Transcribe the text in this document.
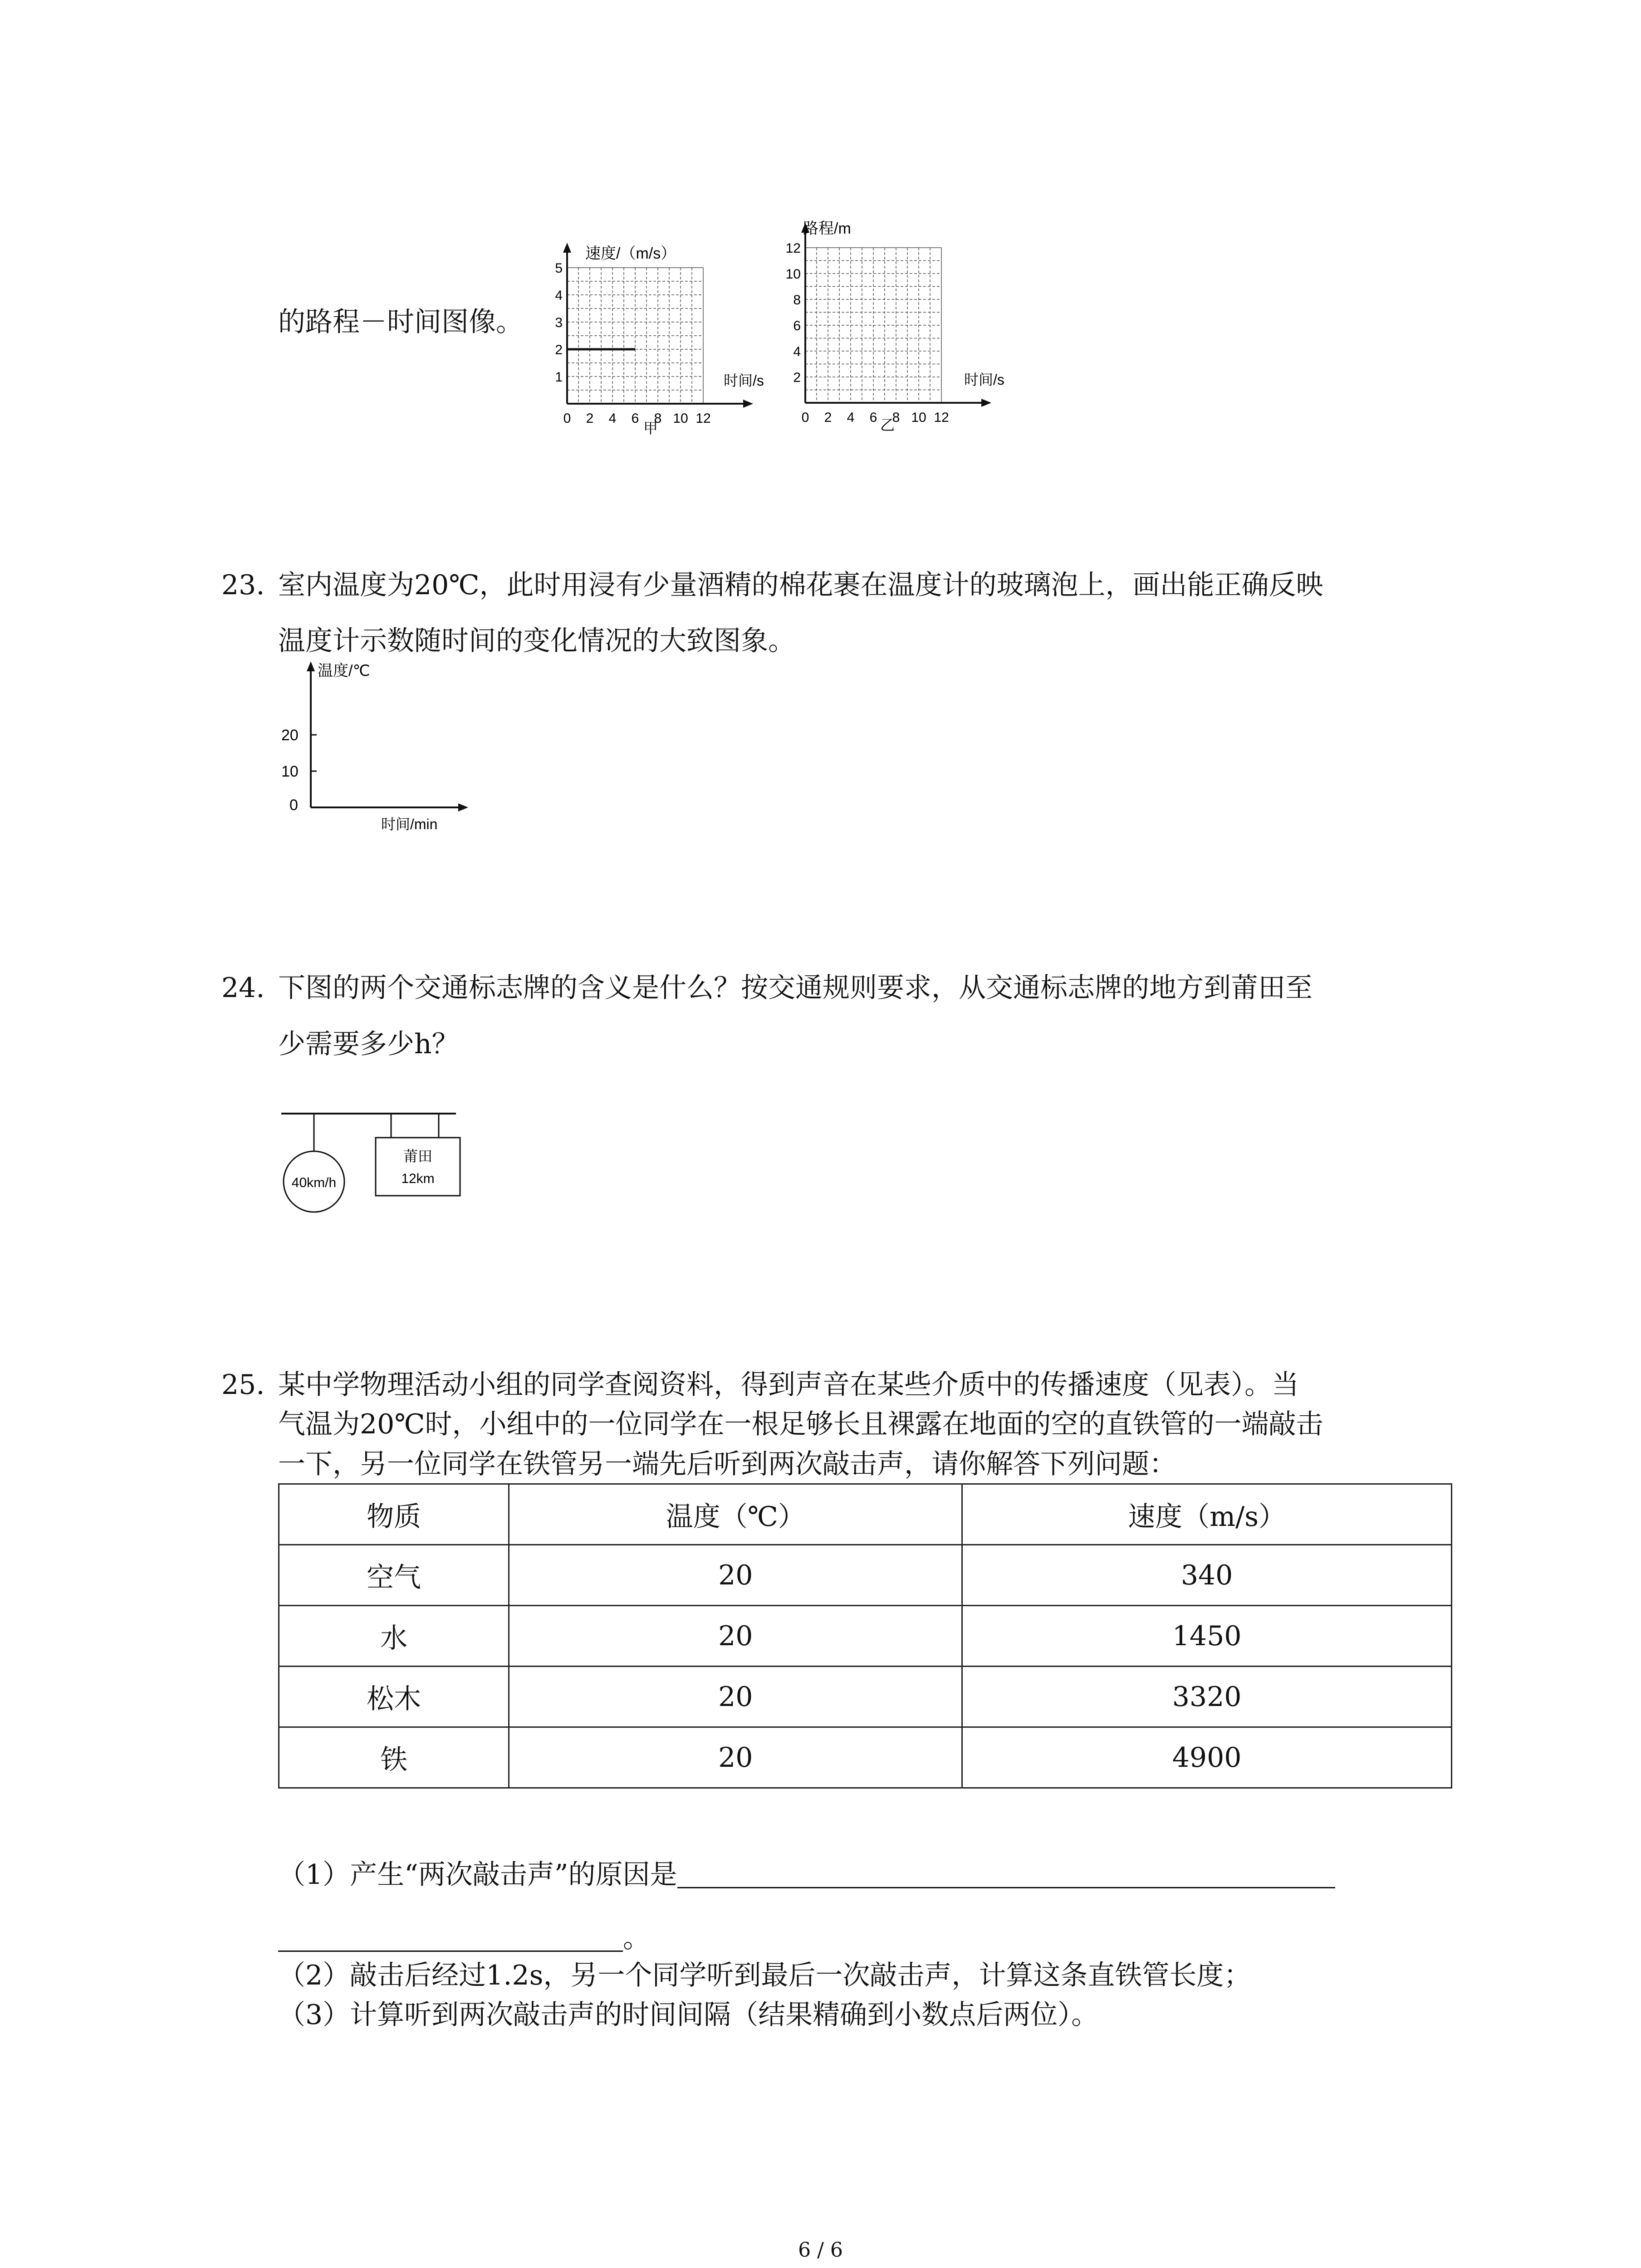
的路程－时间图像。
0 2 4 6 8 10 12
1
2
3
4
5
速度/（m/s）
时间/s
甲
0 2 4 6 8 10 12
2
4
6
8
10
12
路程/m
时间/s
乙
23. 室内温度为20℃，此时用浸有少量酒精的棉花裹在温度计的玻璃泡上，画出能正确反映
温度计示数随时间的变化情况的大致图象。
温度/℃
20
10
0
时间/min
24. 下图的两个交通标志牌的含义是什么？按交通规则要求，从交通标志牌的地方到莆田至
少需要多少h？
40km/h
莆田
12km
25. 某中学物理活动小组的同学查阅资料，得到声音在某些介质中的传播速度（见表）。当
气温为20℃时，小组中的一位同学在一根足够长且裸露在地面的空的直铁管的一端敲击
一下，另一位同学在铁管另一端先后听到两次敲击声，请你解答下列问题：
物质	温度（℃）	速度（m/s）
空气	20	340
水	20	1450
松木	20	3320
铁	20	4900
（1）产生“两次敲击声”的原因是
。
（2）敲击后经过1.2s，另一个同学听到最后一次敲击声，计算这条直铁管长度；
（3）计算听到两次敲击声的时间间隔（结果精确到小数点后两位）。
6 / 6
